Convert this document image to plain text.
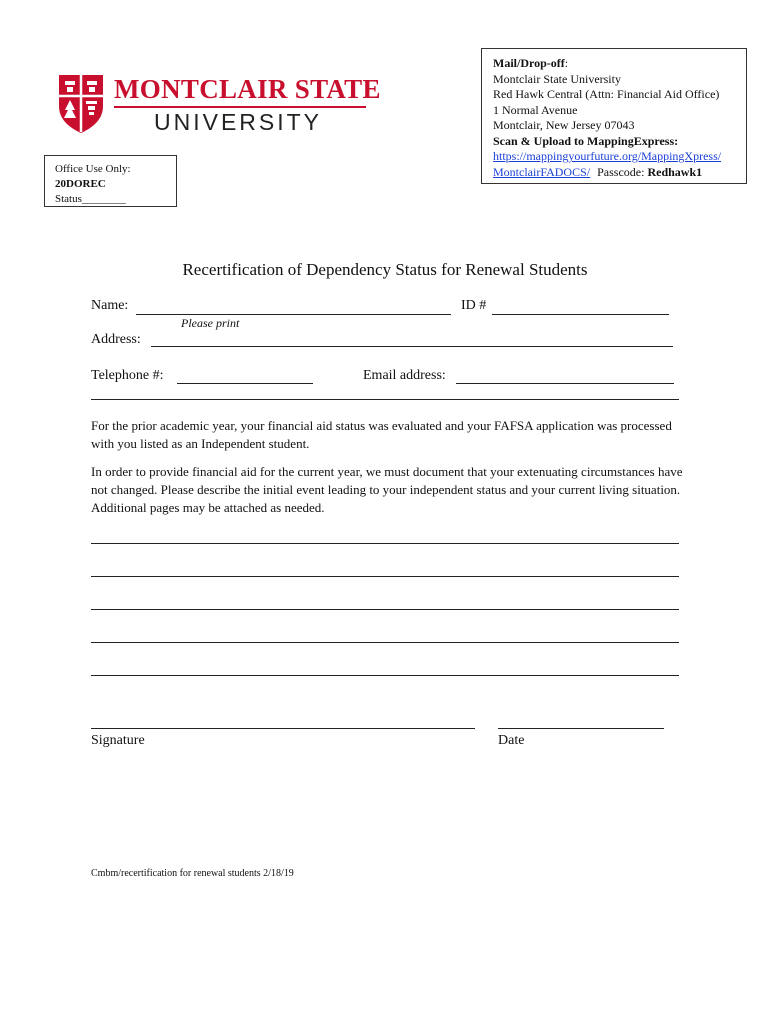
MONTCLAIR STATE
UNIVERSITY
Office Use Only:
20DOREC
Status________
Mail/Drop-off:
Montclair State University
Red Hawk Central (Attn: Financial Aid Office)
1 Normal Avenue
Montclair, New Jersey 07043
Scan & Upload to MappingExpress:
https://mappingyourfuture.org/MappingXpress/
MontclairFADOCS/ Passcode: Redhawk1
Recertification of Dependency Status for Renewal Students
Name:	ID #
Please print
Address:
Telephone #:	Email address:
For the prior academic year, your financial aid status was evaluated and your FAFSA application was processed with you listed as an Independent student.
In order to provide financial aid for the current year, we must document that your extenuating circumstances have not changed. Please describe the initial event leading to your independent status and your current living situation. Additional pages may be attached as needed.
Signature	Date
Cmbm/recertification for renewal students 2/18/19
